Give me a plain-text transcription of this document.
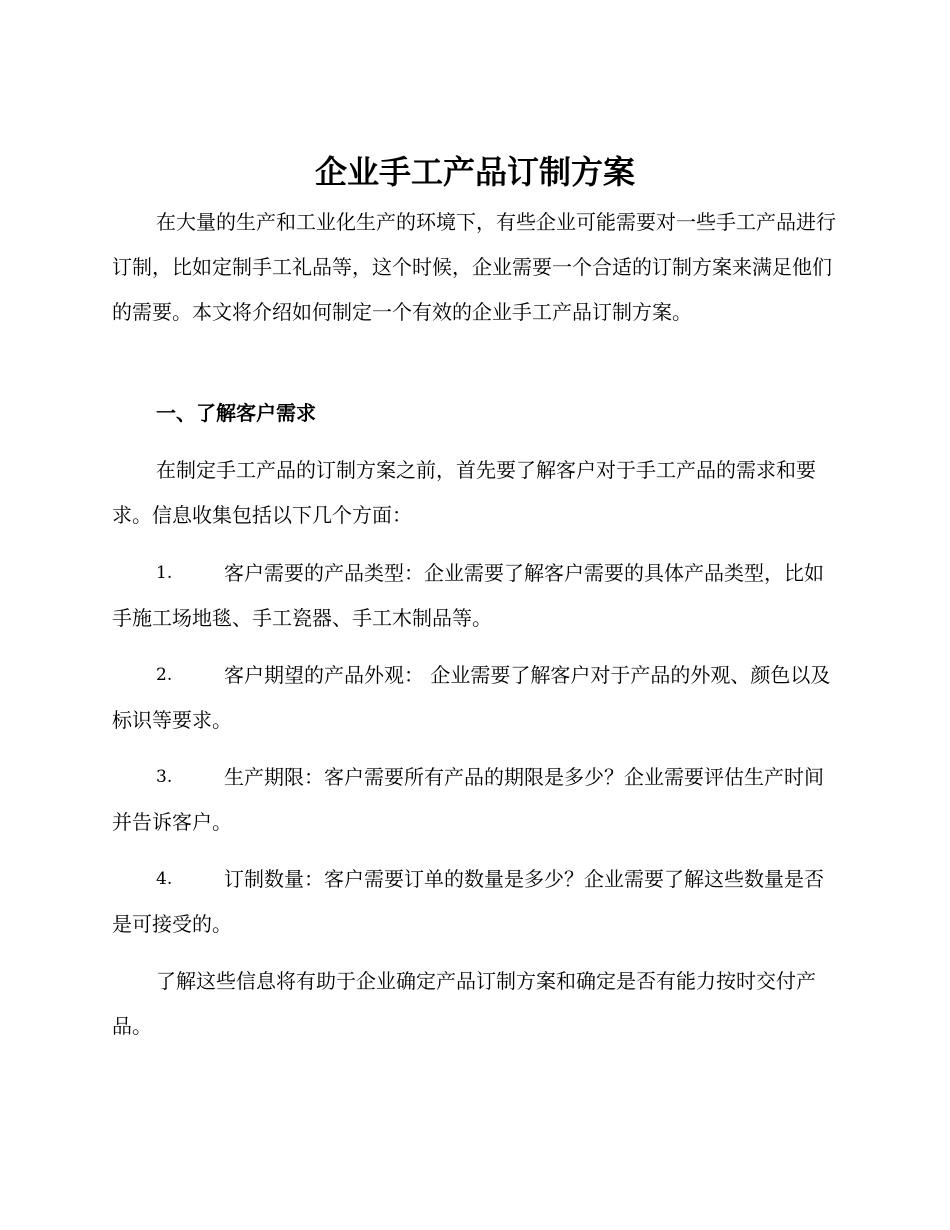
企业手工产品订制方案

在大量的生产和工业化生产的环境下，有些企业可能需要对一些手工产品进行订制，比如定制手工礼品等，这个时候，企业需要一个合适的订制方案来满足他们的需要。本文将介绍如何制定一个有效的企业手工产品订制方案。

一、了解客户需求

在制定手工产品的订制方案之前，首先要了解客户对于手工产品的需求和要求。信息收集包括以下几个方面：

1.	客户需要的产品类型：企业需要了解客户需要的具体产品类型，比如手施工场地毯、手工瓷器、手工木制品等。
2.	客户期望的产品外观： 企业需要了解客户对于产品的外观、颜色以及标识等要求。
3.	生产期限：客户需要所有产品的期限是多少？企业需要评估生产时间并告诉客户。
4.	订制数量：客户需要订单的数量是多少？企业需要了解这些数量是否是可接受的。

了解这些信息将有助于企业确定产品订制方案和确定是否有能力按时交付产品。
